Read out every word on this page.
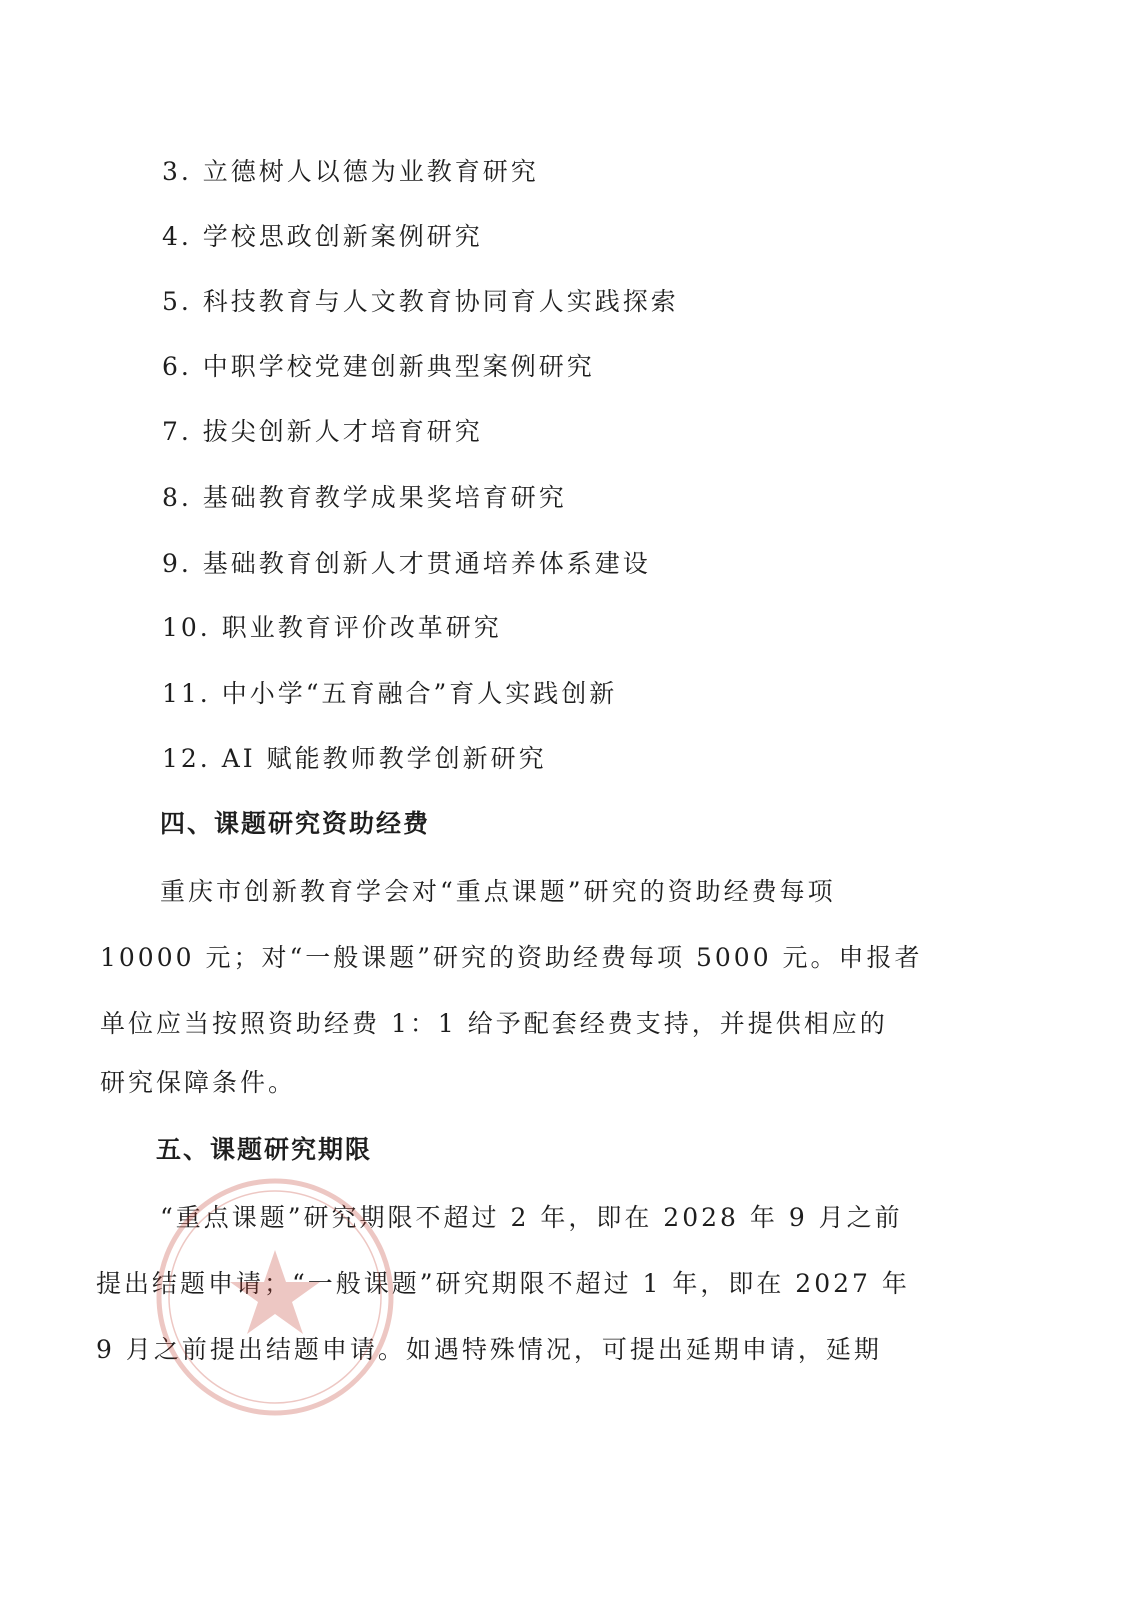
3. 立德树人以德为业教育研究
4. 学校思政创新案例研究
5. 科技教育与人文教育协同育人实践探索
6. 中职学校党建创新典型案例研究
7. 拔尖创新人才培育研究
8. 基础教育教学成果奖培育研究
9. 基础教育创新人才贯通培养体系建设
10. 职业教育评价改革研究
11. 中小学“五育融合”育人实践创新
12. AI 赋能教师教学创新研究
四、课题研究资助经费
重庆市创新教育学会对“重点课题”研究的资助经费每项
10000 元；对“一般课题”研究的资助经费每项 5000 元。申报者
单位应当按照资助经费 1：1 给予配套经费支持，并提供相应的
研究保障条件。
五、课题研究期限
“重点课题”研究期限不超过 2 年，即在 2028 年 9 月之前
提出结题申请；“一般课题”研究期限不超过 1 年，即在 2027 年
9 月之前提出结题申请。如遇特殊情况，可提出延期申请，延期
